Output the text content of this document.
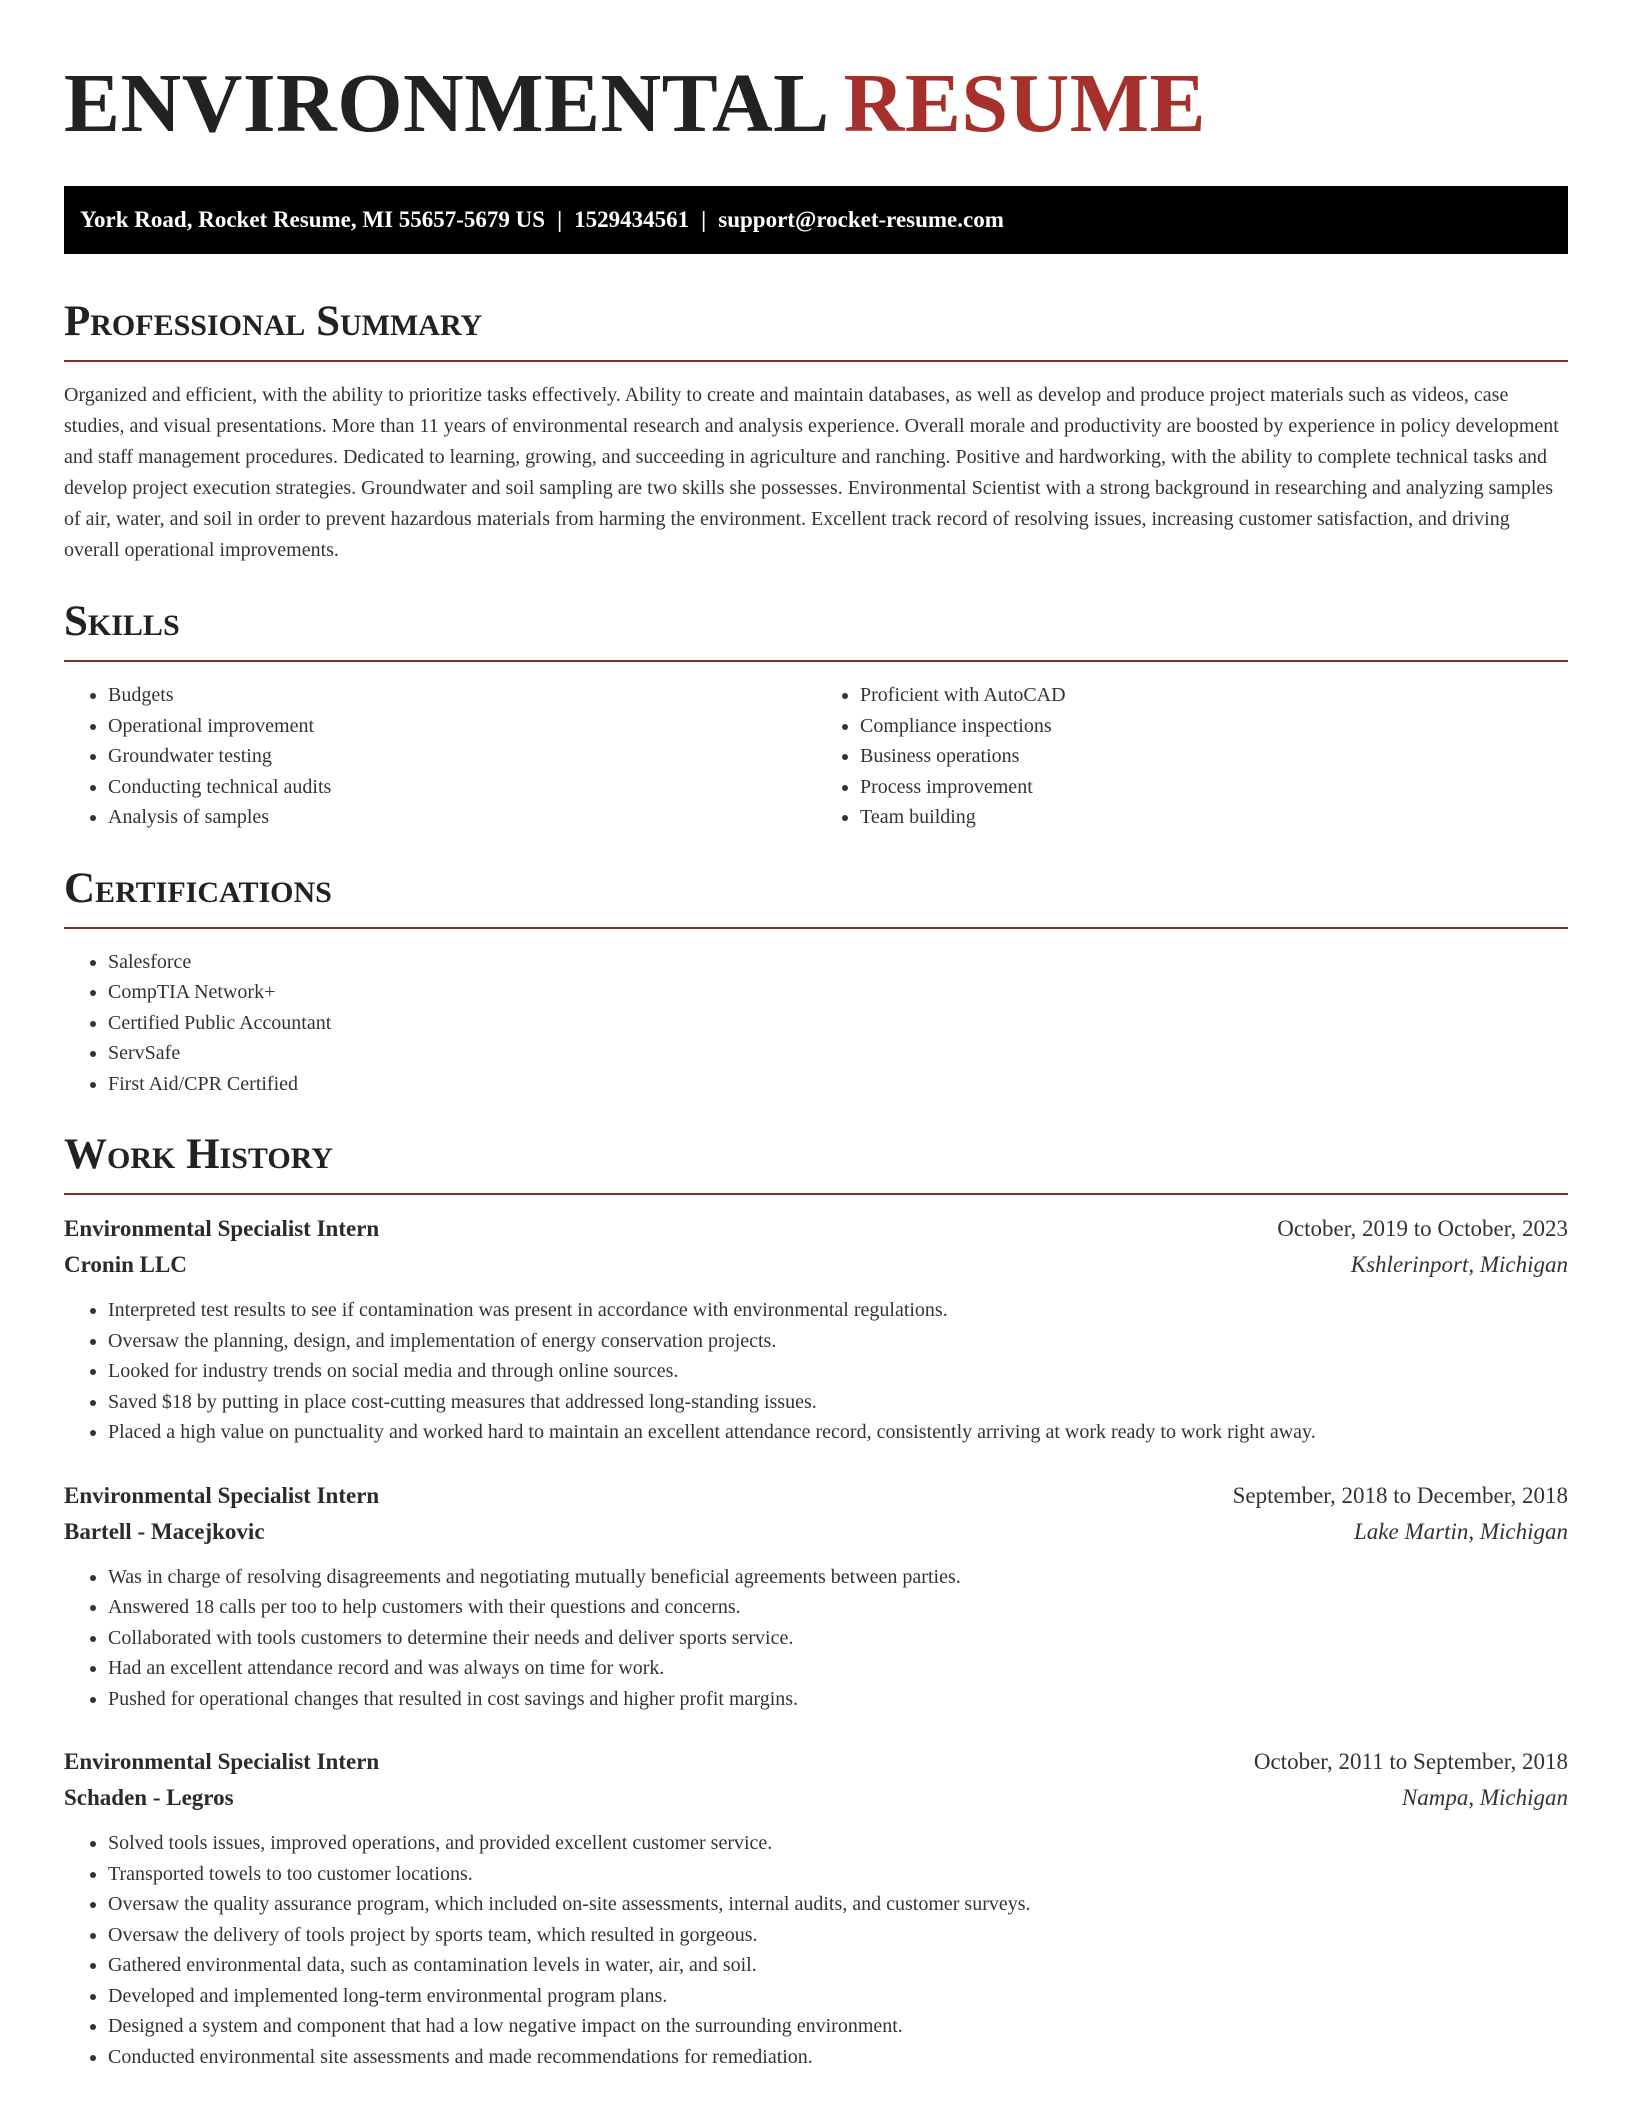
ENVIRONMENTAL RESUME
York Road, Rocket Resume, MI 55657-5679 US | 1529434561 | support@rocket-resume.com
Professional Summary

Organized and efficient, with the ability to prioritize tasks effectively. Ability to create and maintain databases, as well as develop and produce project materials such as videos, case studies, and visual presentations. More than 11 years of environmental research and analysis experience. Overall morale and productivity are boosted by experience in policy development and staff management procedures. Dedicated to learning, growing, and succeeding in agriculture and ranching. Positive and hardworking, with the ability to complete technical tasks and develop project execution strategies. Groundwater and soil sampling are two skills she possesses. Environmental Scientist with a strong background in researching and analyzing samples of air, water, and soil in order to prevent hazardous materials from harming the environment. Excellent track record of resolving issues, increasing customer satisfaction, and driving overall operational improvements.

Skills
• Budgets
• Operational improvement
• Groundwater testing
• Conducting technical audits
• Analysis of samples
• Proficient with AutoCAD
• Compliance inspections
• Business operations
• Process improvement
• Team building
Certifications
• Salesforce
• CompTIA Network+
• Certified Public Accountant
• ServSafe
• First Aid/CPR Certified
Work History
Environmental Specialist Intern	October, 2019 to October, 2023
Cronin LLC	Kshlerinport, Michigan
• Interpreted test results to see if contamination was present in accordance with environmental regulations.
• Oversaw the planning, design, and implementation of energy conservation projects.
• Looked for industry trends on social media and through online sources.
• Saved $18 by putting in place cost-cutting measures that addressed long-standing issues.
• Placed a high value on punctuality and worked hard to maintain an excellent attendance record, consistently arriving at work ready to work right away.
Environmental Specialist Intern	September, 2018 to December, 2018
Bartell - Macejkovic	Lake Martin, Michigan
• Was in charge of resolving disagreements and negotiating mutually beneficial agreements between parties.
• Answered 18 calls per too to help customers with their questions and concerns.
• Collaborated with tools customers to determine their needs and deliver sports service.
• Had an excellent attendance record and was always on time for work.
• Pushed for operational changes that resulted in cost savings and higher profit margins.
Environmental Specialist Intern	October, 2011 to September, 2018
Schaden - Legros	Nampa, Michigan
• Solved tools issues, improved operations, and provided excellent customer service.
• Transported towels to too customer locations.
• Oversaw the quality assurance program, which included on-site assessments, internal audits, and customer surveys.
• Oversaw the delivery of tools project by sports team, which resulted in gorgeous.
• Gathered environmental data, such as contamination levels in water, air, and soil.
• Developed and implemented long-term environmental program plans.
• Designed a system and component that had a low negative impact on the surrounding environment.
• Conducted environmental site assessments and made recommendations for remediation.
